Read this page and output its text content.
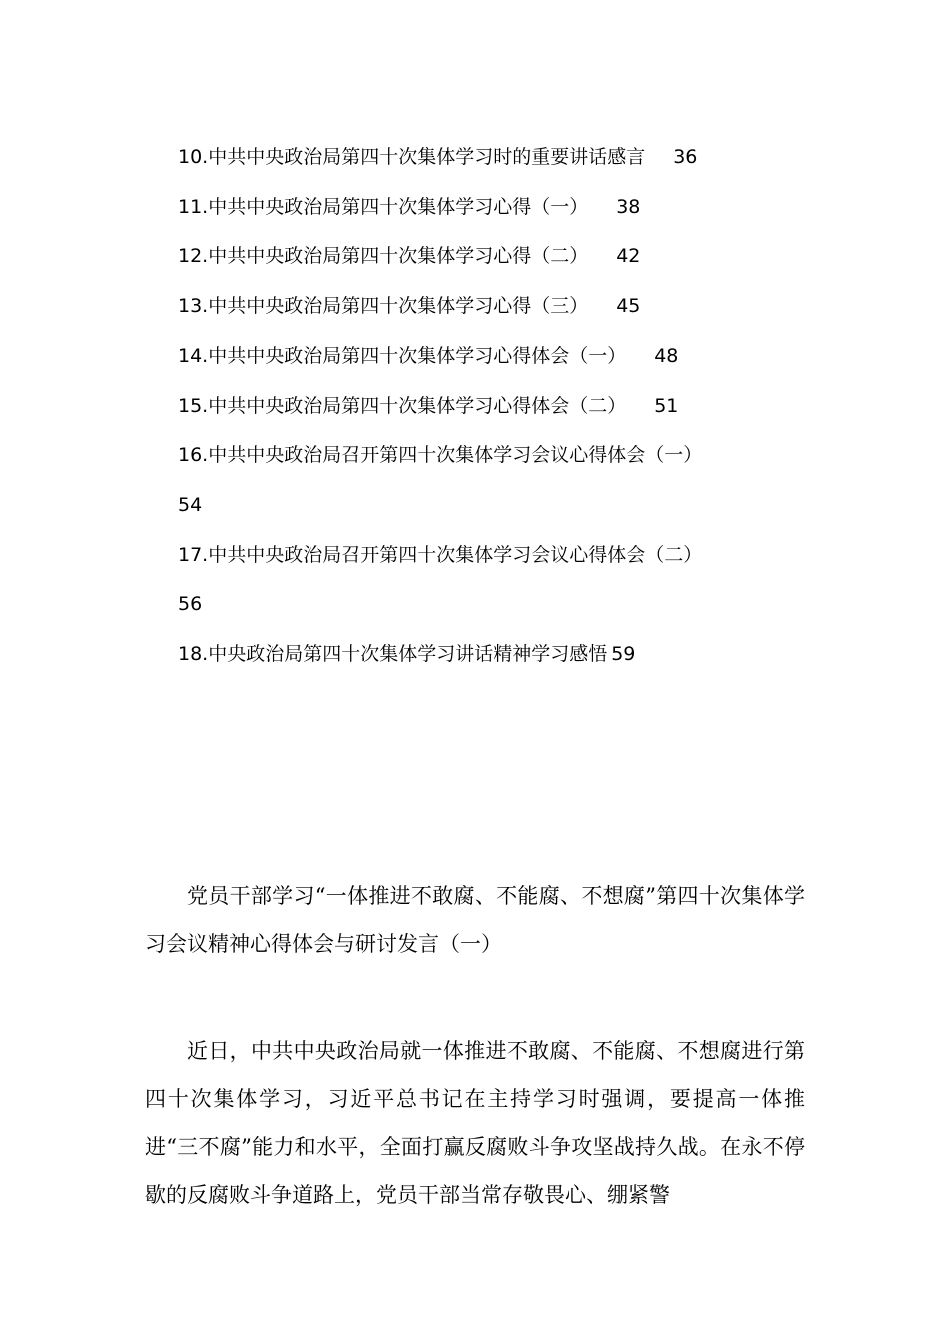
10.中共中央政治局第四十次集体学习时的重要讲话感言 36
11.中共中央政治局第四十次集体学习心得（一） 38
12.中共中央政治局第四十次集体学习心得（二） 42
13.中共中央政治局第四十次集体学习心得（三） 45
14.中共中央政治局第四十次集体学习心得体会（一） 48
15.中共中央政治局第四十次集体学习心得体会（二） 51
16.中共中央政治局召开第四十次集体学习会议心得体会（一）
54
17.中共中央政治局召开第四十次集体学习会议心得体会（二）
56
18.中央政治局第四十次集体学习讲话精神学习感悟 59

党员干部学习“一体推进不敢腐、不能腐、不想腐”第四十次集体学习会议精神心得体会与研讨发言（一）

近日，中共中央政治局就一体推进不敢腐、不能腐、不想腐进行第四十次集体学习，习近平总书记在主持学习时强调，要提高一体推进“三不腐”能力和水平，全面打赢反腐败斗争攻坚战持久战。在永不停歇的反腐败斗争道路上，党员干部当常存敬畏心、绷紧警
